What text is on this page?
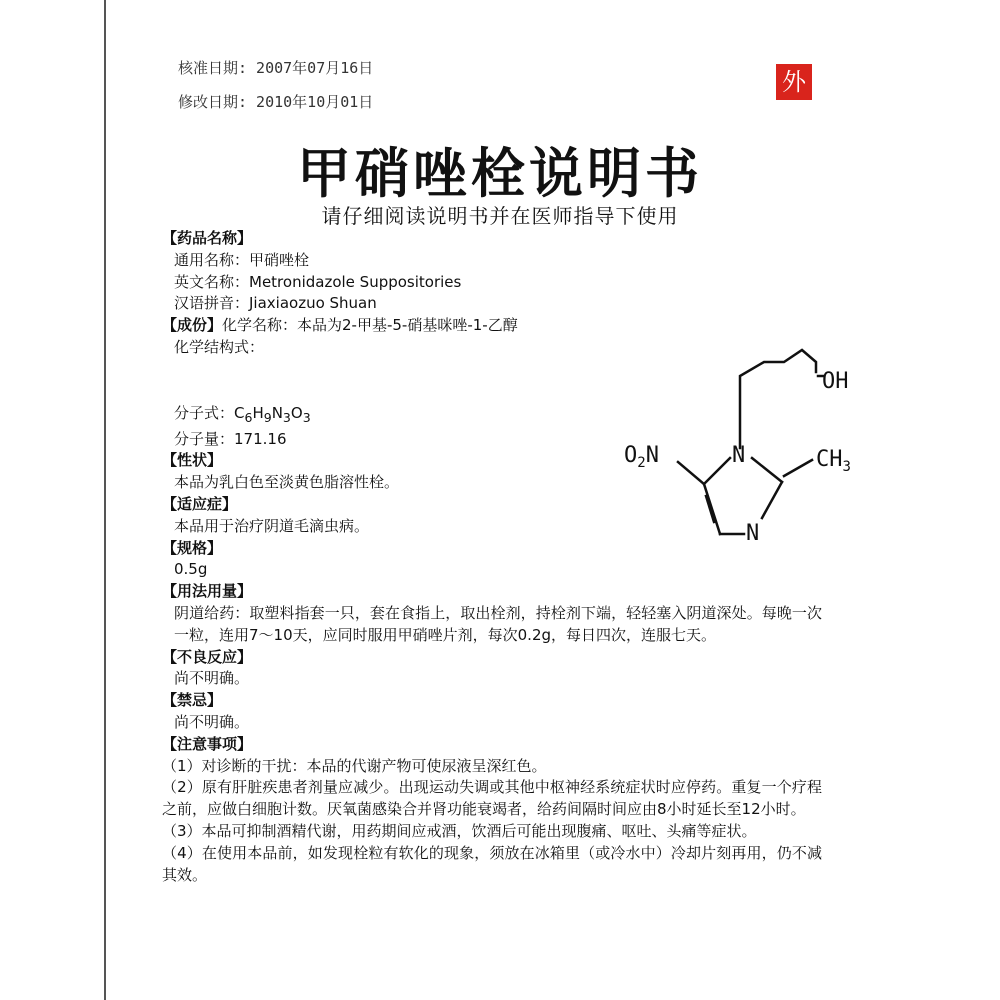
核准日期: 2007年07月16日
修改日期: 2010年10月01日
外
甲硝唑栓说明书
请仔细阅读说明书并在医师指导下使用
【药品名称】
通用名称：甲硝唑栓
英文名称：Metronidazole Suppositories
汉语拼音：Jiaxiaozuo Shuan
【成份】化学名称：本品为2-甲基-5-硝基咪唑-1-乙醇
化学结构式：
分子式：$C_6H_9N_3O_3$
分子量：171.16
【性状】
本品为乳白色至淡黄色脂溶性栓。
【适应症】
本品用于治疗阴道毛滴虫病。
【规格】
0.5g
【用法用量】
阴道给药：取塑料指套一只，套在食指上，取出栓剂，持栓剂下端，轻轻塞入阴道深处。每晚一次一粒，连用7～10天，应同时服用甲硝唑片剂，每次0.2g，每日四次，连服七天。
【不良反应】
尚不明确。
【禁忌】
尚不明确。
【注意事项】
（1）对诊断的干扰：本品的代谢产物可使尿液呈深红色。
（2）原有肝脏疾患者剂量应减少。出现运动失调或其他中枢神经系统症状时应停药。重复一个疗程之前，应做白细胞计数。厌氧菌感染合并肾功能衰竭者，给药间隔时间应由8小时延长至12小时。
（3）本品可抑制酒精代谢，用药期间应戒酒，饮酒后可能出现腹痛、呕吐、头痛等症状。
（4）在使用本品前，如发现栓粒有软化的现象，须放在冰箱里（或冷水中）冷却片刻再用，仍不减其效。
OH
N
N
$O_2N$	$CH_3$
